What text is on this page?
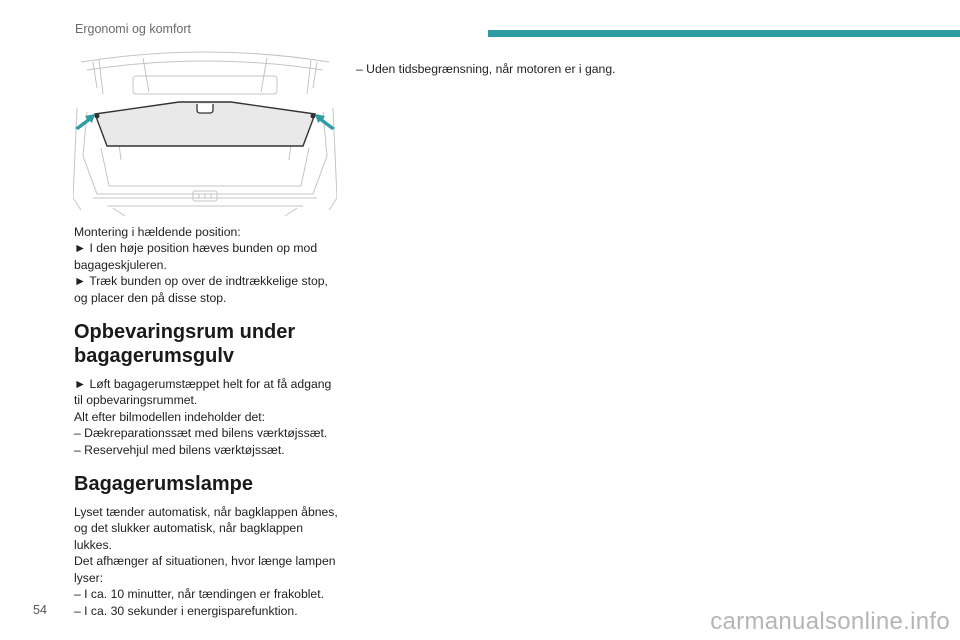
Ergonomi og komfort

Montering i hældende position:

► I den høje position hæves bunden op mod

bagageskjuleren.

► Træk bunden op over de indtrækkelige stop,

og placer den på disse stop.

Opbevaringsrum under
bagagerumsgulv

► Løft bagagerumstæppet helt for at få adgang

til opbevaringsrummet.

Alt efter bilmodellen indeholder det:

– Dækreparationssæt med bilens værktøjssæt.

– Reservehjul med bilens værktøjssæt.

Bagagerumslampe

Lyset tænder automatisk, når bagklappen åbnes,

og det slukker automatisk, når bagklappen

lukkes.

Det afhænger af situationen, hvor længe lampen

lyser:

– I ca. 10 minutter, når tændingen er frakoblet.

– I ca. 30 sekunder i energisparefunktion.

– Uden tidsbegrænsning, når motoren er i gang.

54	carmanualsonline.info
